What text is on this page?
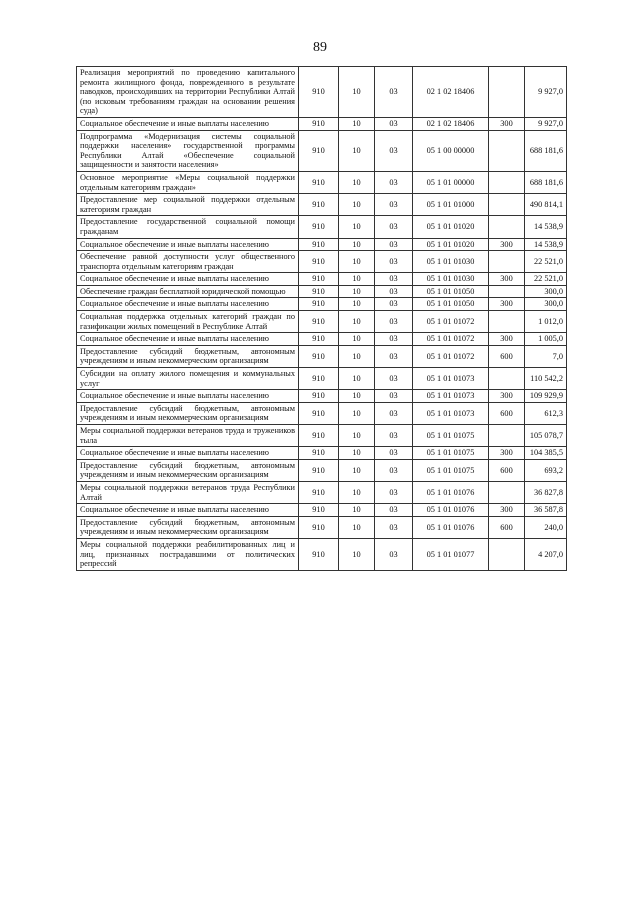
89
Реализация мероприятий по проведению капитального ремонта жилищного фонда, поврежденного в результате паводков, происходивших на территории Республики Алтай (по исковым требованиям граждан на основании решения суда)	910	10	03	02 1 02 18406		9 927,0
Социальное обеспечение и иные выплаты населению	910	10	03	02 1 02 18406	300	9 927,0
Подпрограмма «Модернизация системы социальной поддержки населения» государственной программы Республики Алтай «Обеспечение социальной защищенности и занятости населения»	910	10	03	05 1 00 00000		688 181,6
Основное мероприятие «Меры социальной поддержки отдельным категориям граждан»	910	10	03	05 1 01 00000		688 181,6
Предоставление мер социальной поддержки отдельным категориям граждан	910	10	03	05 1 01 01000		490 814,1
Предоставление государственной социальной помощи гражданам	910	10	03	05 1 01 01020		14 538,9
Социальное обеспечение и иные выплаты населению	910	10	03	05 1 01 01020	300	14 538,9
Обеспечение равной доступности услуг общественного транспорта отдельным категориям граждан	910	10	03	05 1 01 01030		22 521,0
Социальное обеспечение и иные выплаты населению	910	10	03	05 1 01 01030	300	22 521,0
Обеспечение граждан бесплатной юридической помощью	910	10	03	05 1 01 01050		300,0
Социальное обеспечение и иные выплаты населению	910	10	03	05 1 01 01050	300	300,0
Социальная поддержка отдельных категорий граждан по газификации жилых помещений в Республике Алтай	910	10	03	05 1 01 01072		1 012,0
Социальное обеспечение и иные выплаты населению	910	10	03	05 1 01 01072	300	1 005,0
Предоставление субсидий бюджетным, автономным учреждениям и иным некоммерческим организациям	910	10	03	05 1 01 01072	600	7,0
Субсидии на оплату жилого помещения и коммунальных услуг	910	10	03	05 1 01 01073		110 542,2
Социальное обеспечение и иные выплаты населению	910	10	03	05 1 01 01073	300	109 929,9
Предоставление субсидий бюджетным, автономным учреждениям и иным некоммерческим организациям	910	10	03	05 1 01 01073	600	612,3
Меры социальной поддержки ветеранов труда и тружеников тыла	910	10	03	05 1 01 01075		105 078,7
Социальное обеспечение и иные выплаты населению	910	10	03	05 1 01 01075	300	104 385,5
Предоставление субсидий бюджетным, автономным учреждениям и иным некоммерческим организациям	910	10	03	05 1 01 01075	600	693,2
Меры социальной поддержки ветеранов труда Республики Алтай	910	10	03	05 1 01 01076		36 827,8
Социальное обеспечение и иные выплаты населению	910	10	03	05 1 01 01076	300	36 587,8
Предоставление субсидий бюджетным, автономным учреждениям и иным некоммерческим организациям	910	10	03	05 1 01 01076	600	240,0
Меры социальной поддержки реабилитированных лиц и лиц, признанных пострадавшими от политических репрессий	910	10	03	05 1 01 01077		4 207,0
